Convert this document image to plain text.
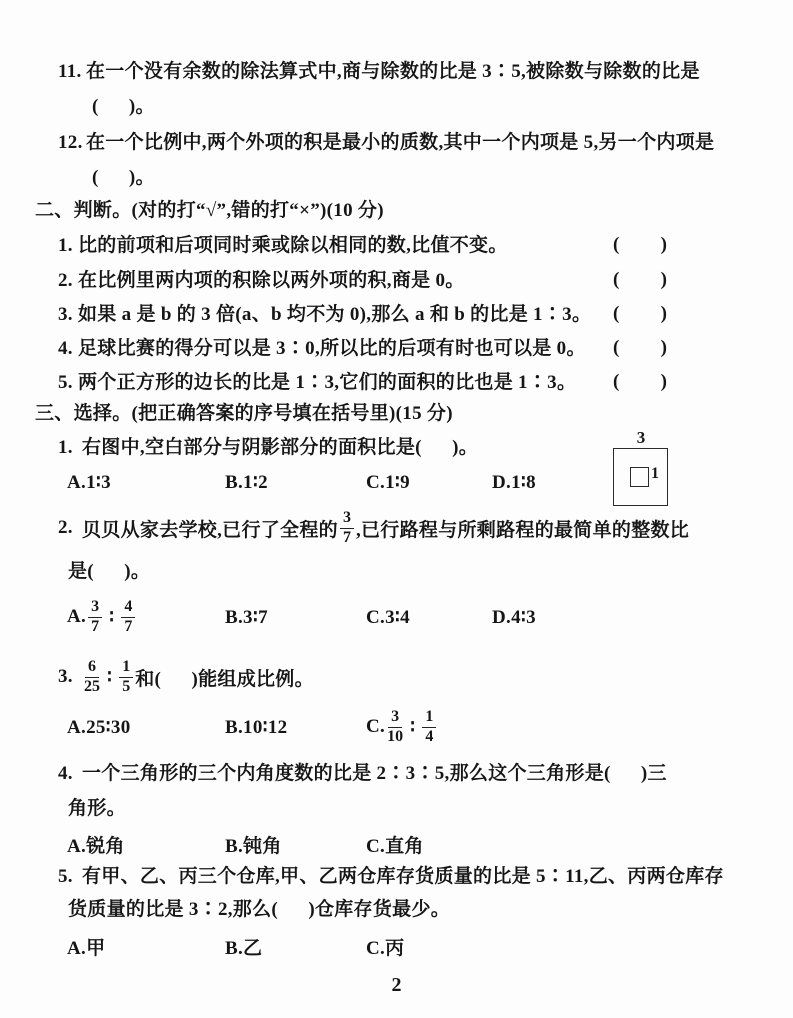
11. 在一个没有余数的除法算式中,商与除数的比是 3∶5,被除数与除数的比是
(      )。
12. 在一个比例中,两个外项的积是最小的质数,其中一个内项是 5,另一个内项是
(      )。
二、判断。(对的打“√”,错的打“×”)(10 分)
1. 比的前项和后项同时乘或除以相同的数,比值不变。	( )
2. 在比例里两内项的积除以两外项的积,商是 0。	( )
3. 如果 a 是 b 的 3 倍(a、b 均不为 0),那么 a 和 b 的比是 1∶3。 ( )
4. 足球比赛的得分可以是 3∶0,所以比的后项有时也可以是 0。 ( )
5. 两个正方形的边长的比是 1∶3,它们的面积的比也是 1∶3。 ( )
三、选择。(把正确答案的序号填在括号里)(15 分)
1. 右图中,空白部分与阴影部分的面积比是(      )。
A.1∶3	B.1∶2	C.1∶9	D.1∶8
3
1
2. 贝贝从家去学校,已行了全程的 $\frac{3}{7}$ ,已行路程与所剩路程的最简单的整数比
是(      )。
A. $\frac{3}{7}$ ∶ $\frac{4}{7}$	B.3∶7	C.3∶4	D.4∶3
3. $\frac{6}{25}$ ∶ $\frac{1}{5}$ 和(      )能组成比例。
A.25∶30	B.10∶12	C. $\frac{3}{10}$ ∶ $\frac{1}{4}$
4. 一个三角形的三个内角度数的比是 2∶3∶5,那么这个三角形是(      )三
角形。
A.锐角	B.钝角	C.直角
5. 有甲、乙、丙三个仓库,甲、乙两仓库存货质量的比是 5∶11,乙、丙两仓库存
货质量的比是 3∶2,那么(      )仓库存货最少。
A.甲	B.乙	C.丙
2
